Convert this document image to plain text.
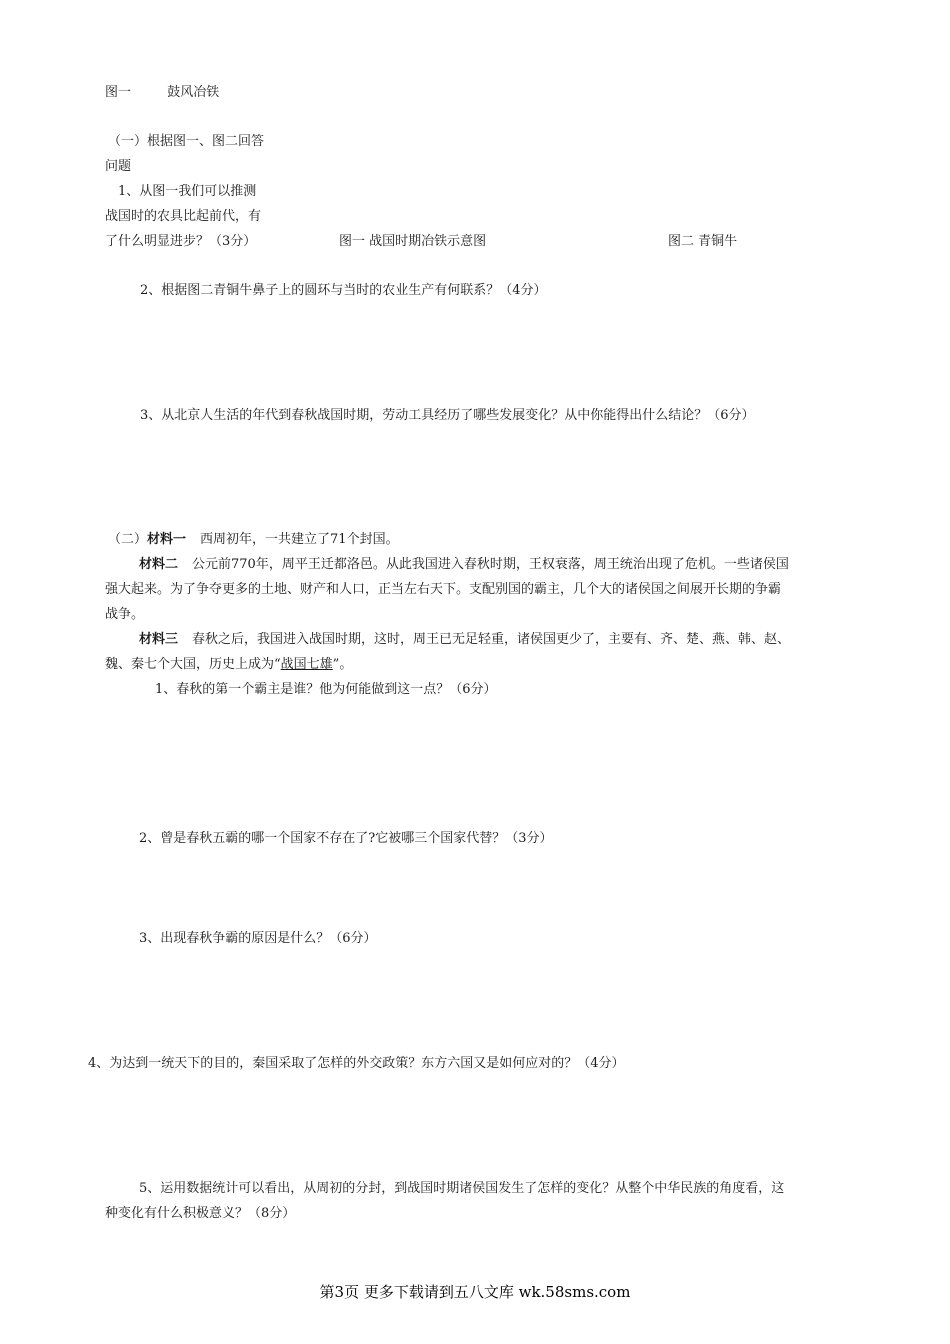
图一	鼓风冶铁
（一）根据图一、图二回答
问题
1、从图一我们可以推测
战国时的农具比起前代，有
了什么明显进步？（3分）	图一 战国时期冶铁示意图	图二 青铜牛
2、根据图二青铜牛鼻子上的圆环与当时的农业生产有何联系？（4分）
3、从北京人生活的年代到春秋战国时期，劳动工具经历了哪些发展变化？从中你能得出什么结论？（6分）
（二）材料一 西周初年，一共建立了71个封国。
材料二 公元前770年，周平王迁都洛邑。从此我国进入春秋时期，王权衰落，周王统治出现了危机。一些诸侯国
强大起来。为了争夺更多的土地、财产和人口，正当左右天下。支配别国的霸主，几个大的诸侯国之间展开长期的争霸
战争。
材料三 春秋之后，我国进入战国时期，这时，周王已无足轻重，诸侯国更少了，主要有、齐、楚、燕、韩、赵、
魏、秦七个大国，历史上成为“战国七雄”。
1、春秋的第一个霸主是谁？他为何能做到这一点？（6分）
2、曾是春秋五霸的哪一个国家不存在了?它被哪三个国家代替？（3分）
3、出现春秋争霸的原因是什么？（6分）
4、为达到一统天下的目的，秦国采取了怎样的外交政策？东方六国又是如何应对的？（4分）
5、运用数据统计可以看出，从周初的分封，到战国时期诸侯国发生了怎样的变化？从整个中华民族的角度看，这
种变化有什么积极意义？（8分）
第3页 更多下载请到五八文库 wk.58sms.com
